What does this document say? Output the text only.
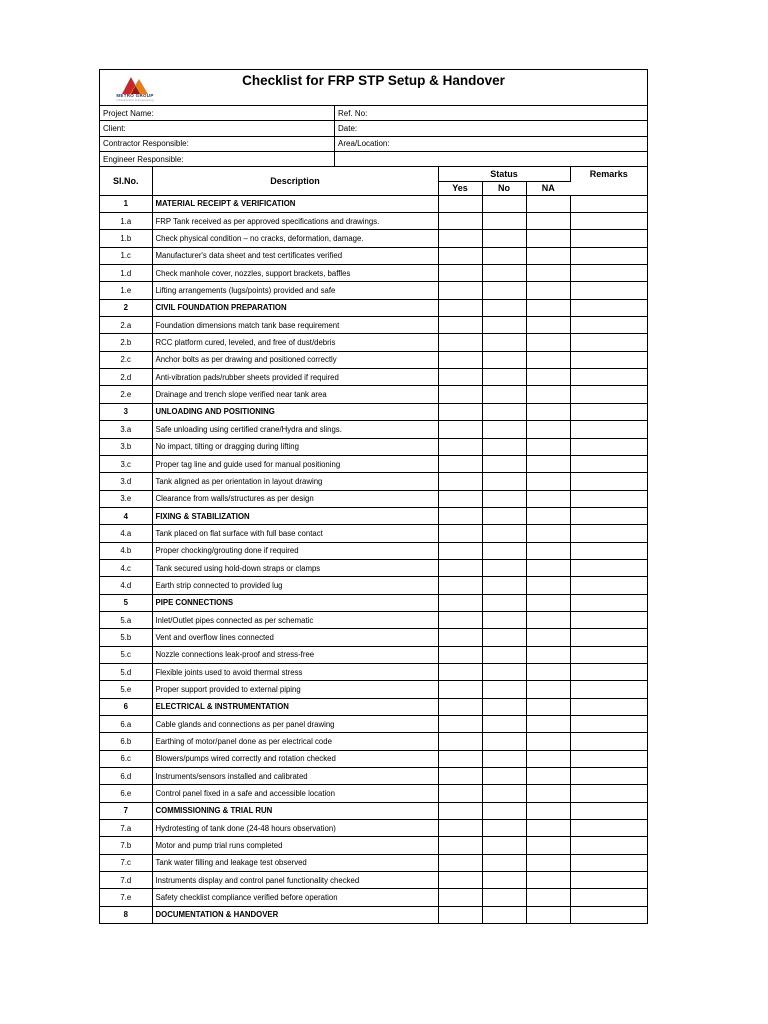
METRO GROUP
Infrastructure & Engineering
Checklist for FRP STP Setup & Handover
Project Name:	Ref. No:
Client:	Date:
Contractor Responsible:	Area/Location:
Engineer Responsible:	
Sl.No.	Description	Status			Remarks
		Yes	No	NA	
1	MATERIAL RECEIPT & VERIFICATION				
1.a	FRP Tank received as per approved specifications and drawings.				
1.b	Check physical condition – no cracks, deformation, damage.				
1.c	Manufacturer's data sheet and test certificates verified				
1.d	Check manhole cover, nozzles, support brackets, baffles				
1.e	Lifting arrangements (lugs/points) provided and safe				
2	CIVIL FOUNDATION PREPARATION				
2.a	Foundation dimensions match tank base requirement				
2.b	RCC platform cured, leveled, and free of dust/debris				
2.c	Anchor bolts as per drawing and positioned correctly				
2.d	Anti-vibration pads/rubber sheets provided if required				
2.e	Drainage and trench slope verified near tank area				
3	UNLOADING AND POSITIONING				
3.a	Safe unloading using certified crane/Hydra and slings.				
3.b	No impact, tilting or dragging during lifting				
3.c	Proper tag line and guide used for manual positioning				
3.d	Tank aligned as per orientation in layout drawing				
3.e	Clearance from walls/structures as per design				
4	FIXING & STABILIZATION				
4.a	Tank placed on flat surface with full base contact				
4.b	Proper chocking/grouting done if required				
4.c	Tank secured using hold-down straps or clamps				
4.d	Earth strip connected to provided lug				
5	PIPE CONNECTIONS				
5.a	Inlet/Outlet pipes connected as per schematic				
5.b	Vent and overflow lines connected				
5.c	Nozzle connections leak-proof and stress-free				
5.d	Flexible joints used to avoid thermal stress				
5.e	Proper support provided to external piping				
6	ELECTRICAL & INSTRUMENTATION				
6.a	Cable glands and connections as per panel drawing				
6.b	Earthing of motor/panel done as per electrical code				
6.c	Blowers/pumps wired correctly and rotation checked				
6.d	Instruments/sensors installed and calibrated				
6.e	Control panel fixed in a safe and accessible location				
7	COMMISSIONING & TRIAL RUN				
7.a	Hydrotesting of tank done (24-48 hours observation)				
7.b	Motor and pump trial runs completed				
7.c	Tank water filling and leakage test observed				
7.d	Instruments display and control panel functionality checked				
7.e	Safety checklist compliance verified before operation				
8	DOCUMENTATION & HANDOVER				
